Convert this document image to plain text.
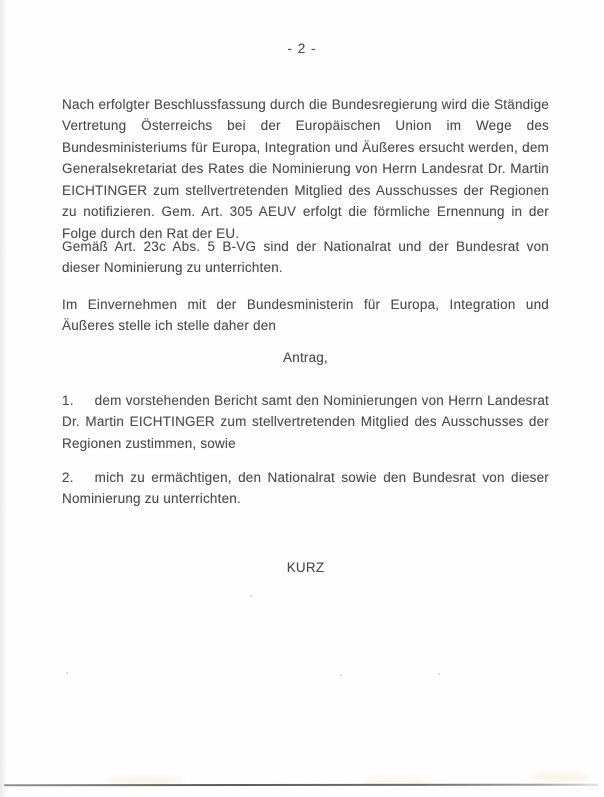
- 2 -

Nach erfolgter Beschlussfassung durch die Bundesregierung wird die Ständige Vertretung Österreichs bei der Europäischen Union im Wege des Bundesministeriums für Europa, Integration und Äußeres ersucht werden, dem Generalsekretariat des Rates die Nominierung von Herrn Landesrat Dr. Martin EICHTINGER zum stellvertretenden Mitglied des Ausschusses der Regionen zu notifizieren. Gem. Art. 305 AEUV erfolgt die förmliche Ernennung in der Folge durch den Rat der EU.

Gemäß Art. 23c Abs. 5 B-VG sind der Nationalrat und der Bundesrat von dieser Nominierung zu unterrichten.

Im Einvernehmen mit der Bundesministerin für Europa, Integration und Äußeres stelle ich stelle daher den

Antrag,

1. dem vorstehenden Bericht samt den Nominierungen von Herrn Landesrat Dr. Martin EICHTINGER zum stellvertretenden Mitglied des Ausschusses der Regionen zustimmen, sowie

2. mich zu ermächtigen, den Nationalrat sowie den Bundesrat von dieser Nominierung zu unterrichten.

KURZ
